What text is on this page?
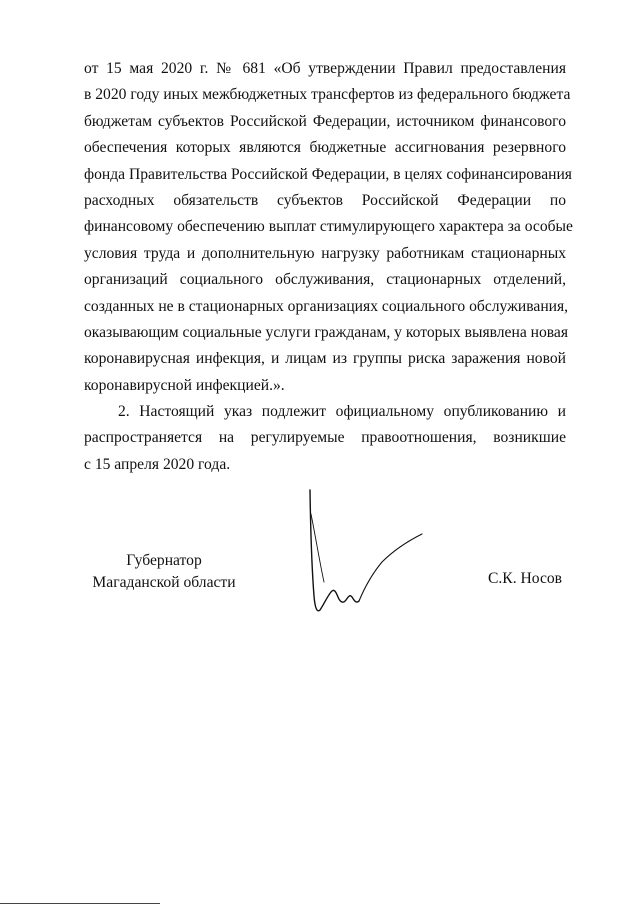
от 15 мая 2020 г. № 681 «Об утверждении Правил предоставления
в 2020 году иных межбюджетных трансфертов из федерального бюджета
бюджетам субъектов Российской Федерации, источником финансового
обеспечения которых являются бюджетные ассигнования резервного
фонда Правительства Российской Федерации, в целях софинансирования
расходных обязательств субъектов Российской Федерации по
финансовому обеспечению выплат стимулирующего характера за особые
условия труда и дополнительную нагрузку работникам стационарных
организаций социального обслуживания, стационарных отделений,
созданных не в стационарных организациях социального обслуживания,
оказывающим социальные услуги гражданам, у которых выявлена новая
коронавирусная инфекция, и лицам из группы риска заражения новой
коронавирусной инфекцией.».
2. Настоящий указ подлежит официальному опубликованию и
распространяется на регулируемые правоотношения, возникшие
с 15 апреля 2020 года.
Губернатор
Магаданской области	С.К. Носов
